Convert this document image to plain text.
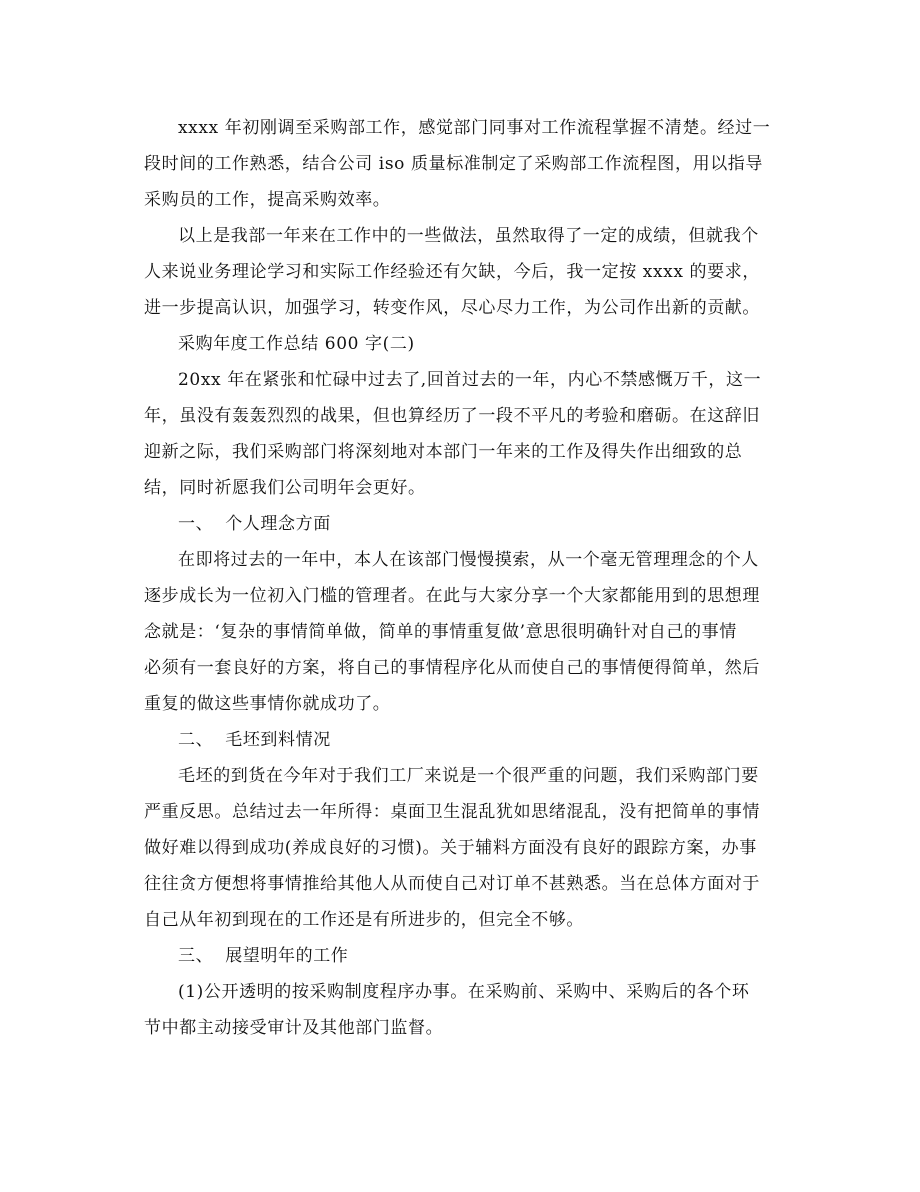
xxxx 年初刚调至采购部工作，感觉部门同事对工作流程掌握不清楚。经过一
段时间的工作熟悉，结合公司 iso 质量标准制定了采购部工作流程图，用以指导
采购员的工作，提高采购效率。
以上是我部一年来在工作中的一些做法，虽然取得了一定的成绩，但就我个
人来说业务理论学习和实际工作经验还有欠缺，今后，我一定按 xxxx 的要求，
进一步提高认识，加强学习，转变作风，尽心尽力工作，为公司作出新的贡献。
采购年度工作总结 600 字(二)
20xx 年在紧张和忙碌中过去了,回首过去的一年，内心不禁感慨万千，这一
年，虽没有轰轰烈烈的战果，但也算经历了一段不平凡的考验和磨砺。在这辞旧
迎新之际，我们采购部门将深刻地对本部门一年来的工作及得失作出细致的总
结，同时祈愿我们公司明年会更好。
一、  个人理念方面
在即将过去的一年中，本人在该部门慢慢摸索，从一个毫无管理理念的个人
逐步成长为一位初入门槛的管理者。在此与大家分享一个大家都能用到的思想理
念就是：‘复杂的事情简单做，简单的事情重复做’意思很明确针对自己的事情
必须有一套良好的方案，将自己的事情程序化从而使自己的事情便得简单，然后
重复的做这些事情你就成功了。
二、  毛坯到料情况
毛坯的到货在今年对于我们工厂来说是一个很严重的问题，我们采购部门要
严重反思。总结过去一年所得：桌面卫生混乱犹如思绪混乱，没有把简单的事情
做好难以得到成功(养成良好的习惯)。关于辅料方面没有良好的跟踪方案，办事
往往贪方便想将事情推给其他人从而使自己对订单不甚熟悉。当在总体方面对于
自己从年初到现在的工作还是有所进步的，但完全不够。
三、  展望明年的工作
(1)公开透明的按采购制度程序办事。在采购前、采购中、采购后的各个环
节中都主动接受审计及其他部门监督。
